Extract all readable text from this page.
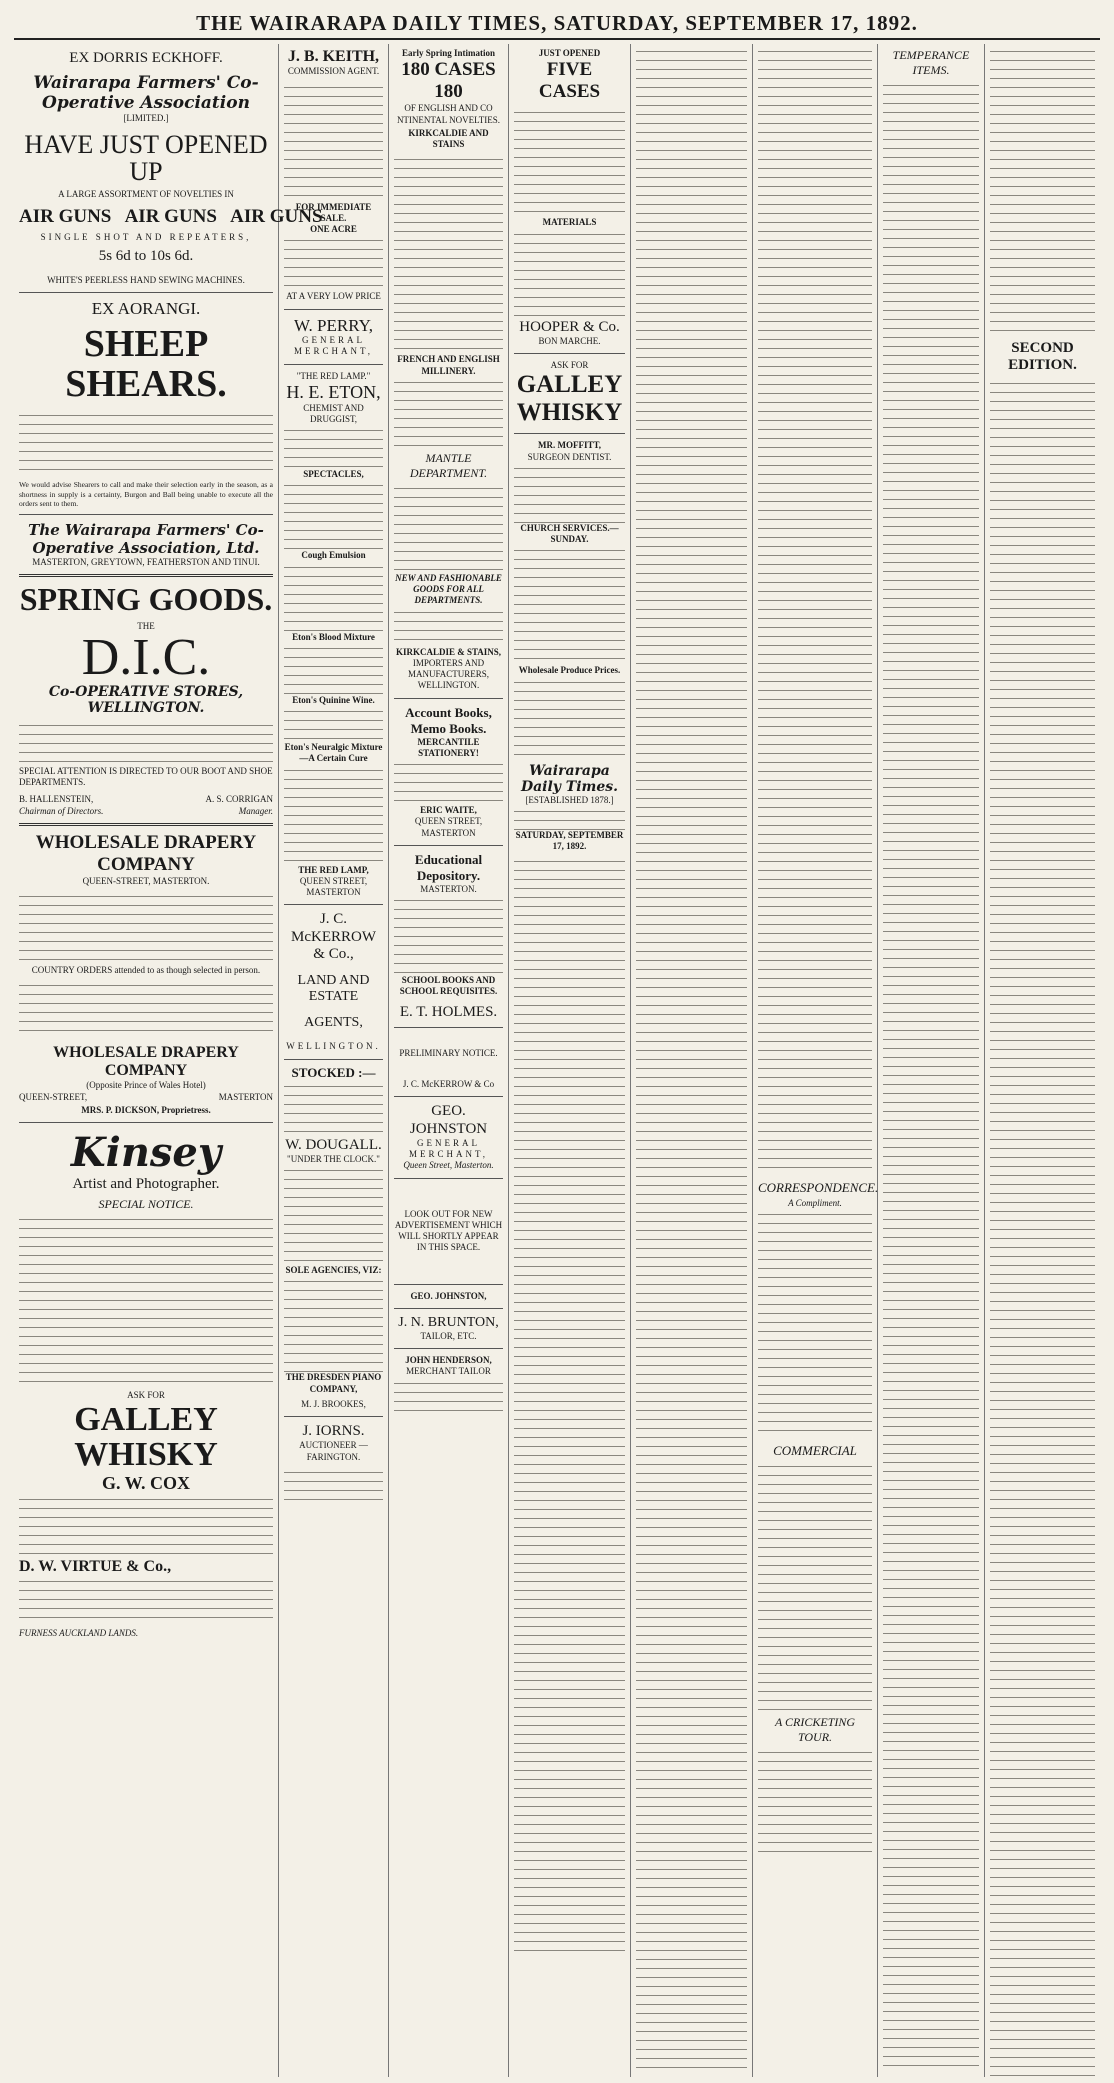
THE WAIRARAPA DAILY TIMES, SATURDAY, SEPTEMBER 17, 1892.
EX DORRIS ECKHOFF.
Wairarapa Farmers' Co-Operative Association
[LIMITED.]
HAVE JUST OPENED UP
A LARGE ASSORTMENT OF NOVELTIES IN
AIR GUNS   AIR GUNS   AIR GUNS
SINGLE SHOT AND REPEATERS,
5s 6d to 10s 6d.
WHITE'S PEERLESS HAND SEWING MACHINES.
EX AORANGI.
SHEEP SHEARS.
We would advise Shearers to call and make their selection early in the season, as a shortness in supply is a certainty, Burgon and Ball being unable to execute all the orders sent to them.
The Wairarapa Farmers' Co-Operative Association, Ltd.
MASTERTON, GREYTOWN, FEATHERSTON AND TINUI.
SPRING GOODS.
THE
D.I.C.
Co-OPERATIVE STORES, WELLINGTON.
SPECIAL ATTENTION IS DIRECTED TO OUR BOOT AND SHOE DEPARTMENTS.
B. HALLENSTEIN,
Chairman of Directors.
A. S. CORRIGAN
Manager.
WHOLESALE DRAPERY COMPANY
QUEEN-STREET, MASTERTON.
COUNTRY ORDERS attended to as though selected in person.
WHOLESALE DRAPERY COMPANY
(Opposite Prince of Wales Hotel)
QUEEN-STREET,	MASTERTON
MRS. P. DICKSON, Proprietress.
Kinsey
Artist and Photographer.
SPECIAL NOTICE.
ASK FOR
GALLEY
WHISKY
G. W. COX
D. W. VIRTUE & Co.,
FURNESS AUCKLAND LANDS.
J. B. KEITH,
COMMISSION AGENT.
FOR IMMEDIATE SALE.
ONE ACRE
AT A VERY LOW PRICE
W. PERRY,
GENERAL MERCHANT,
"THE RED LAMP."
H. E. ETON,
CHEMIST AND DRUGGIST,
SPECTACLES,
Cough Emulsion
Eton's Blood Mixture
Eton's Quinine Wine.
Eton's Neuralgic Mixture—A Certain Cure
THE RED LAMP,
QUEEN STREET, MASTERTON
J. C. McKERROW & Co.,
LAND AND ESTATE
AGENTS,
WELLINGTON.
STOCKED :—
W. DOUGALL.
"UNDER THE CLOCK."
SOLE AGENCIES, VIZ:
THE DRESDEN PIANO COMPANY,
M. J. BROOKES,
J. IORNS.
AUCTIONEER — FARINGTON.
Early Spring Intimation
180 CASES 180
OF ENGLISH AND CO NTINENTAL NOVELTIES.
KIRKCALDIE AND STAINS
FRENCH AND ENGLISH MILLINERY.
MANTLE DEPARTMENT.
NEW AND FASHIONABLE GOODS FOR ALL DEPARTMENTS.
KIRKCALDIE & STAINS,
IMPORTERS AND MANUFACTURERS,
WELLINGTON.
Account Books, Memo Books.
MERCANTILE STATIONERY!
ERIC WAITE,
QUEEN STREET, MASTERTON
Educational Depository.
MASTERTON.
SCHOOL BOOKS AND SCHOOL REQUISITES.
E. T. HOLMES.
PRELIMINARY NOTICE.
J. C. McKERROW & Co
GEO. JOHNSTON
GENERAL MERCHANT,
Queen Street, Masterton.
LOOK OUT FOR NEW ADVERTISEMENT WHICH WILL SHORTLY APPEAR IN THIS SPACE.
GEO. JOHNSTON,
J. N. BRUNTON,
TAILOR, ETC.
JOHN HENDERSON,
MERCHANT TAILOR
JUST OPENED
FIVE CASES
MATERIALS
HOOPER & Co.
BON MARCHE.
ASK FOR
GALLEY
WHISKY
MR. MOFFITT,
SURGEON DENTIST.
CHURCH SERVICES.—SUNDAY.
Wholesale Produce Prices.
Wairarapa Daily Times.
[ESTABLISHED 1878.]
SATURDAY, SEPTEMBER 17, 1892.
CORRESPONDENCE.
A Compliment.
COMMERCIAL
A CRICKETING TOUR.
TEMPERANCE ITEMS.
SECOND EDITION.
